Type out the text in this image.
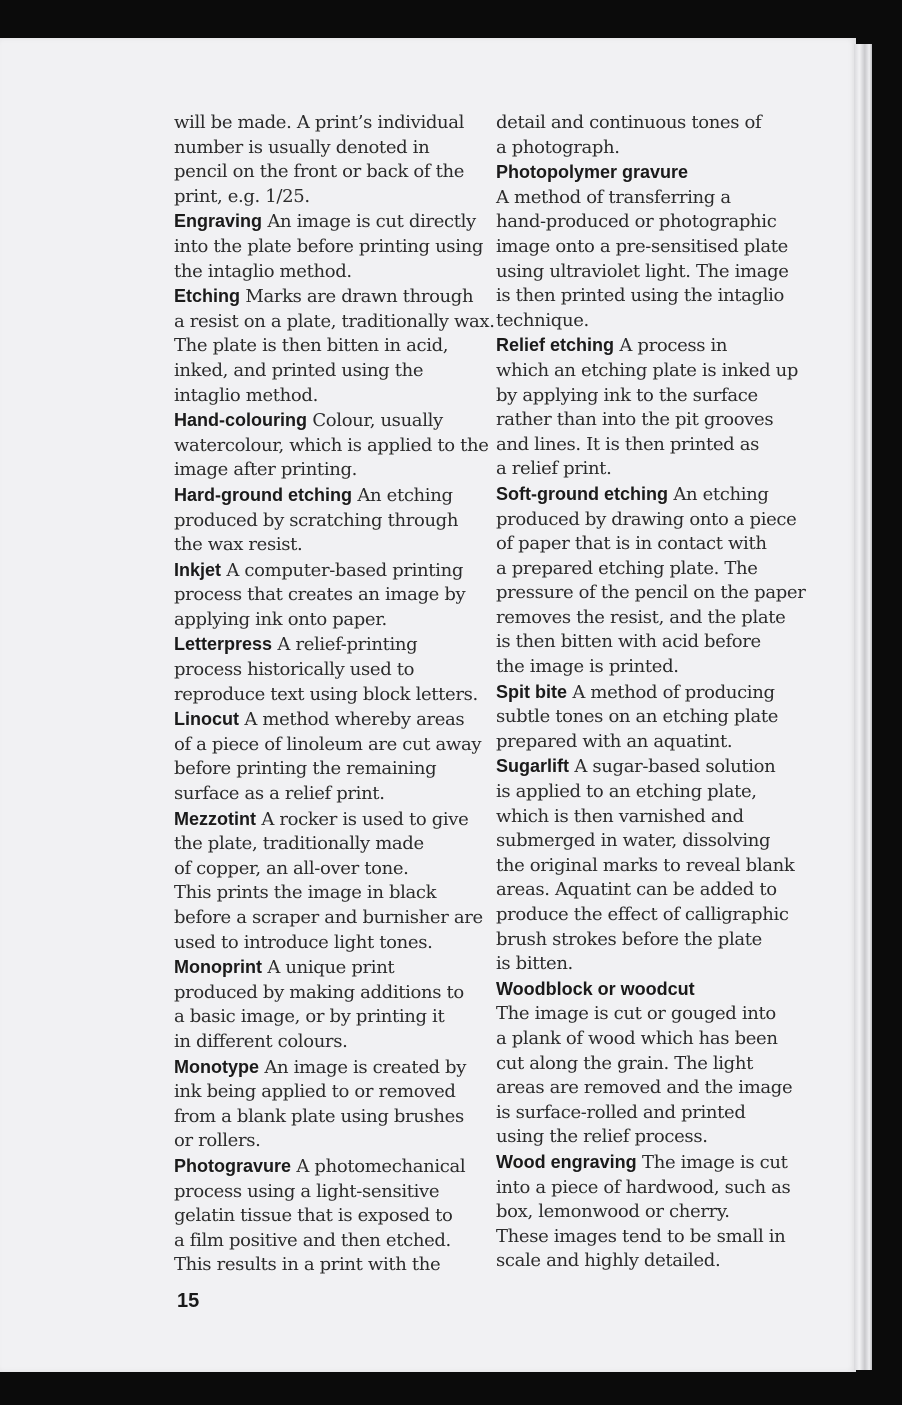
will be made. A print’s individual
number is usually denoted in
pencil on the front or back of the
print, e.g. 1/25.
Engraving An image is cut directly
into the plate before printing using
the intaglio method.
Etching Marks are drawn through
a resist on a plate, traditionally wax.
The plate is then bitten in acid,
inked, and printed using the
intaglio method.
Hand-colouring Colour, usually
watercolour, which is applied to the
image after printing.
Hard-ground etching An etching
produced by scratching through
the wax resist.
Inkjet A computer-based printing
process that creates an image by
applying ink onto paper.
Letterpress A relief-printing
process historically used to
reproduce text using block letters.
Linocut A method whereby areas
of a piece of linoleum are cut away
before printing the remaining
surface as a relief print.
Mezzotint A rocker is used to give
the plate, traditionally made
of copper, an all-over tone.
This prints the image in black
before a scraper and burnisher are
used to introduce light tones.
Monoprint A unique print
produced by making additions to
a basic image, or by printing it
in different colours.
Monotype An image is created by
ink being applied to or removed
from a blank plate using brushes
or rollers.
Photogravure A photomechanical
process using a light-sensitive
gelatin tissue that is exposed to
a film positive and then etched.
This results in a print with the
detail and continuous tones of
a photograph.
Photopolymer gravure
A method of transferring a
hand-produced or photographic
image onto a pre-sensitised plate
using ultraviolet light. The image
is then printed using the intaglio
technique.
Relief etching A process in
which an etching plate is inked up
by applying ink to the surface
rather than into the pit grooves
and lines. It is then printed as
a relief print.
Soft-ground etching An etching
produced by drawing onto a piece
of paper that is in contact with
a prepared etching plate. The
pressure of the pencil on the paper
removes the resist, and the plate
is then bitten with acid before
the image is printed.
Spit bite A method of producing
subtle tones on an etching plate
prepared with an aquatint.
Sugarlift A sugar-based solution
is applied to an etching plate,
which is then varnished and
submerged in water, dissolving
the original marks to reveal blank
areas. Aquatint can be added to
produce the effect of calligraphic
brush strokes before the plate
is bitten.
Woodblock or woodcut
The image is cut or gouged into
a plank of wood which has been
cut along the grain. The light
areas are removed and the image
is surface-rolled and printed
using the relief process.
Wood engraving The image is cut
into a piece of hardwood, such as
box, lemonwood or cherry.
These images tend to be small in
scale and highly detailed.
15
